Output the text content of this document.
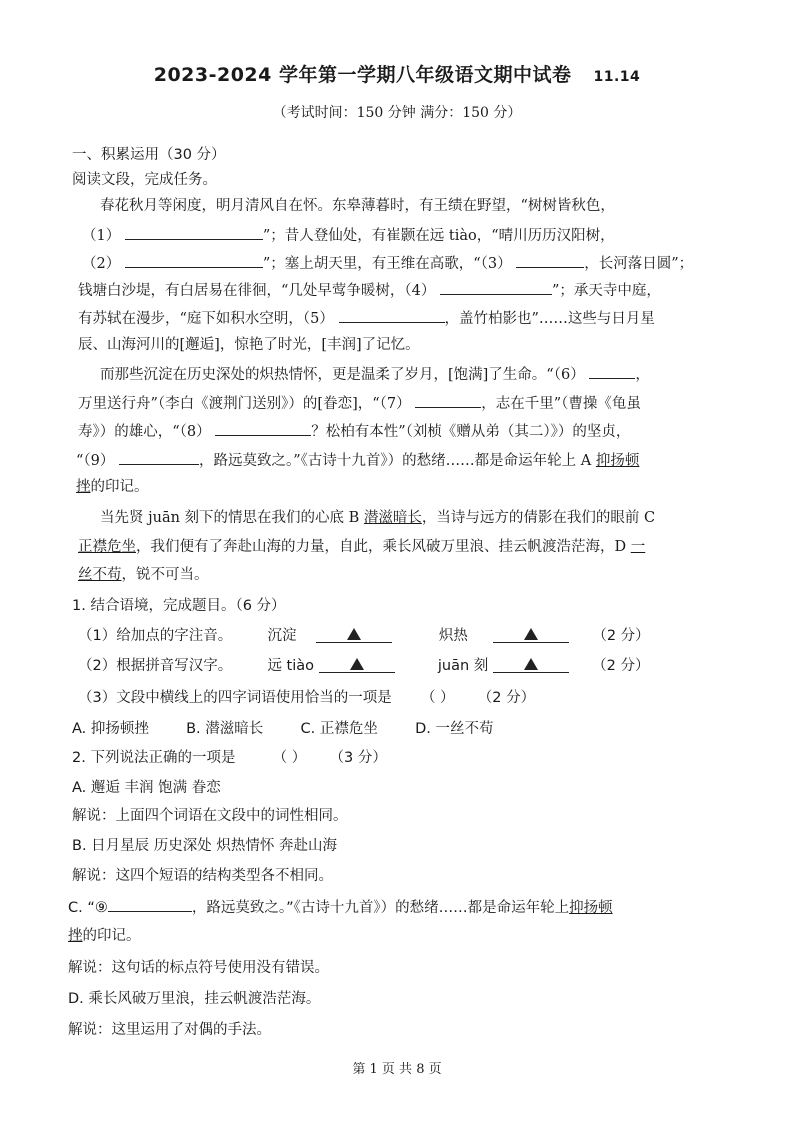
2023-2024 学年第一学期八年级语文期中试卷 11.14
（考试时间：150 分钟 满分：150 分）
一、积累运用（30 分）
阅读文段，完成任务。
春花秋月等闲度，明月清风自在怀。东皋薄暮时，有王绩在野望，“树树皆秋色，
（1）	”；昔人登仙处，有崔颢在远 tiào，“晴川历历汉阳树，
（2）	”；塞上胡天里，有王维在高歌，“（3）	，长河落日圆”；
钱塘白沙堤，有白居易在徘徊，“几处早莺争暖树，（4）	”；承天寺中庭，
有苏轼在漫步，“庭下如积水空明，（5）	，盖竹柏影也”……这些与日月星
辰、山海河川的[邂逅]，惊艳了时光，[丰润]了记忆。
而那些沉淀在历史深处的炽热情怀，更是温柔了岁月，[饱满]了生命。“（6）	，
万里送行舟”（李白《渡荆门送别》）的[眷恋]，“（7）	，志在千里”（曹操《龟虽
寿》）的雄心，“（8）	？松柏有本性”（刘桢《赠从弟（其二）》）的坚贞，
“（9）	，路远莫致之。”《古诗十九首》）的愁绪……都是命运年轮上 A 抑扬顿
挫的印记。
当先贤 juān 刻下的情思在我们的心底 B 潜滋暗长，当诗与远方的倩影在我们的眼前 C
正襟危坐，我们便有了奔赴山海的力量，自此，乘长风破万里浪、挂云帆渡浩茫海，D 一
丝不苟，锐不可当。
1. 结合语境，完成题目。（6 分）
（1）给加点的字注音。 沉淀	炽热	（2 分）
（2）根据拼音写汉字。 远 tiào	juān 刻	（2 分）
（3）文段中横线上的四字词语使用恰当的一项是 （ ） （2 分）
A. 抑扬顿挫	B. 潜滋暗长	C. 正襟危坐	D. 一丝不苟
2. 下列说法正确的一项是	（ ） （3 分）
A. 邂逅 丰润 饱满 眷恋
解说：上面四个词语在文段中的词性相同。
B. 日月星辰 历史深处 炽热情怀 奔赴山海
解说：这四个短语的结构类型各不相同。
C. “⑨	，路远莫致之。”《古诗十九首》）的愁绪……都是命运年轮上抑扬顿
挫的印记。
解说：这句话的标点符号使用没有错误。
D. 乘长风破万里浪，挂云帆渡浩茫海。
解说：这里运用了对偶的手法。
第 1 页 共 8 页
